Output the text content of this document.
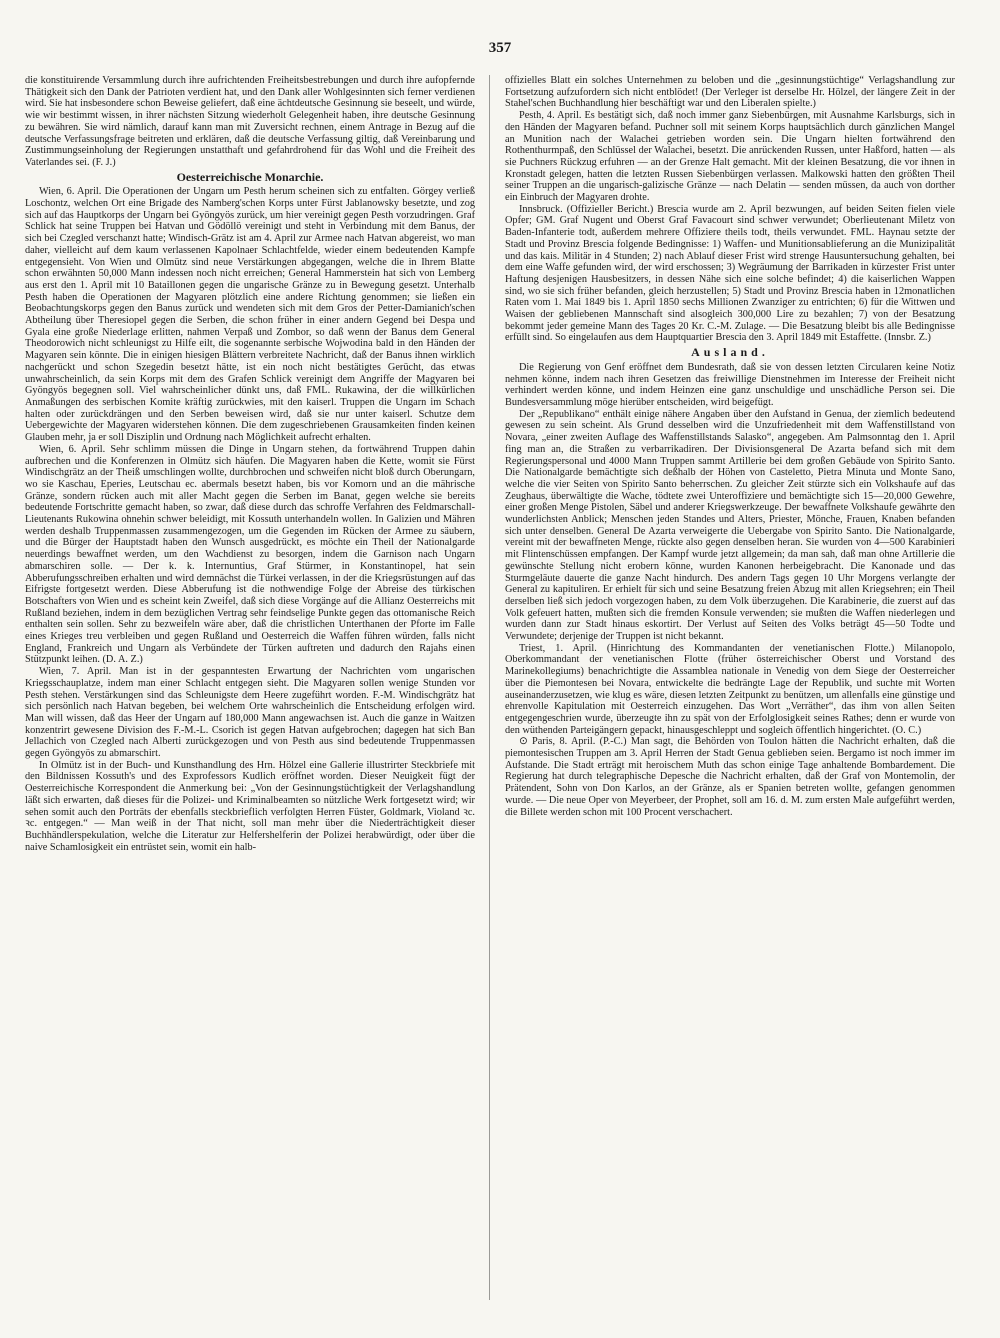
357

die konstituirende Versammlung durch ihre aufrichtenden Freiheitsbestrebungen und durch ihre aufopfernde Thätigkeit sich den Dank der Patrioten verdient hat, und den Dank aller Wohlgesinnten sich ferner verdienen wird. Sie hat insbesondere schon Beweise geliefert, daß eine ächtdeutsche Gesinnung sie beseelt, und würde, wie wir bestimmt wissen, in ihrer nächsten Sitzung wiederholt Gelegenheit haben, ihre deutsche Gesinnung zu bewähren. Sie wird nämlich, darauf kann man mit Zuversicht rechnen, einem Antrage in Bezug auf die deutsche Verfassungsfrage beitreten und erklären, daß die deutsche Verfassung giltig, daß Vereinbarung und Zustimmungseinholung der Regierungen unstatthaft und gefahrdrohend für das Wohl und die Freiheit des Vaterlandes sei. (F. J.)

Oesterreichische Monarchie.

Wien, 6. April. Die Operationen der Ungarn um Pesth herum scheinen sich zu entfalten. Görgey verließ Loschontz, welchen Ort eine Brigade des Namberg'schen Korps unter Fürst Jablanowsky besetzte, und zog sich auf das Hauptkorps der Ungarn bei Gyöngyös zurück, um hier vereinigt gegen Pesth vorzudringen. Graf Schlick hat seine Truppen bei Hatvan und Gödöllö vereinigt und steht in Verbindung mit dem Banus, der sich bei Czegled verschanzt hatte; Windisch-Grätz ist am 4. April zur Armee nach Hatvan abgereist, wo man daher, vielleicht auf dem kaum verlassenen Kapolnaer Schlachtfelde, wieder einem bedeutenden Kampfe entgegensieht. Von Wien und Olmütz sind neue Verstärkungen abgegangen, welche die in Ihrem Blatte schon erwähnten 50,000 Mann indessen noch nicht erreichen; General Hammerstein hat sich von Lemberg aus erst den 1. April mit 10 Bataillonen gegen die ungarische Gränze zu in Bewegung gesetzt. Unterhalb Pesth haben die Operationen der Magyaren plötzlich eine andere Richtung genommen; sie ließen ein Beobachtungskorps gegen den Banus zurück und wendeten sich mit dem Gros der Petter-Damianich'schen Abtheilung über Theresiopel gegen die Serben, die schon früher in einer andern Gegend bei Despa und Gyala eine große Niederlage erlitten, nahmen Verpaß und Zombor, so daß wenn der Banus dem General Theodorowich nicht schleunigst zu Hilfe eilt, die sogenannte serbische Wojwodina bald in den Händen der Magyaren sein könnte. Die in einigen hiesigen Blättern verbreitete Nachricht, daß der Banus ihnen wirklich nachgerückt und schon Szegedin besetzt hätte, ist ein noch nicht bestätigtes Gerücht, das etwas unwahrscheinlich, da sein Korps mit dem des Grafen Schlick vereinigt dem Angriffe der Magyaren bei Gyöngyös begegnen soll. Viel wahrscheinlicher dünkt uns, daß FML. Rukawina, der die willkürlichen Anmaßungen des serbischen Komite kräftig zurückwies, mit den kaiserl. Truppen die Ungarn im Schach halten oder zurückdrängen und den Serben beweisen wird, daß sie nur unter kaiserl. Schutze dem Uebergewichte der Magyaren widerstehen können. Die dem zugeschriebenen Grausamkeiten finden keinen Glauben mehr, ja er soll Disziplin und Ordnung nach Möglichkeit aufrecht erhalten.

Wien, 6. April. Sehr schlimm müssen die Dinge in Ungarn stehen, da fortwährend Truppen dahin aufbrechen und die Konferenzen in Olmütz sich häufen. Die Magyaren haben die Kette, womit sie Fürst Windischgrätz an der Theiß umschlingen wollte, durchbrochen und schweifen nicht bloß durch Oberungarn, wo sie Kaschau, Eperies, Leutschau ec. abermals besetzt haben, bis vor Komorn und an die mährische Gränze, sondern rücken auch mit aller Macht gegen die Serben im Banat, gegen welche sie bereits bedeutende Fortschritte gemacht haben, so zwar, daß diese durch das schroffe Verfahren des Feldmarschall-Lieutenants Rukowina ohnehin schwer beleidigt, mit Kossuth unterhandeln wollen. In Galizien und Mähren werden deshalb Truppenmassen zusammengezogen, um die Gegenden im Rücken der Armee zu säubern, und die Bürger der Hauptstadt haben den Wunsch ausgedrückt, es möchte ein Theil der Nationalgarde neuerdings bewaffnet werden, um den Wachdienst zu besorgen, indem die Garnison nach Ungarn abmarschiren solle. — Der k. k. Internuntius, Graf Stürmer, in Konstantinopel, hat sein Abberufungsschreiben erhalten und wird demnächst die Türkei verlassen, in der die Kriegsrüstungen auf das Eifrigste fortgesetzt werden. Diese Abberufung ist die nothwendige Folge der Abreise des türkischen Botschafters von Wien und es scheint kein Zweifel, daß sich diese Vorgänge auf die Allianz Oesterreichs mit Rußland beziehen, indem in dem bezüglichen Vertrag sehr feindselige Punkte gegen das ottomanische Reich enthalten sein sollen. Sehr zu bezweifeln wäre aber, daß die christlichen Unterthanen der Pforte im Falle eines Krieges treu verbleiben und gegen Rußland und Oesterreich die Waffen führen würden, falls nicht England, Frankreich und Ungarn als Verbündete der Türken auftreten und dadurch den Rajahs einen Stützpunkt leihen. (D. A. Z.)

Wien, 7. April. Man ist in der gespanntesten Erwartung der Nachrichten vom ungarischen Kriegsschauplatze, indem man einer Schlacht entgegen sieht. Die Magyaren sollen wenige Stunden vor Pesth stehen. Verstärkungen sind das Schleunigste dem Heere zugeführt worden. F.-M. Windischgrätz hat sich persönlich nach Hatvan begeben, bei welchem Orte wahrscheinlich die Entscheidung erfolgen wird. Man will wissen, daß das Heer der Ungarn auf 180,000 Mann angewachsen ist. Auch die ganze in Waitzen konzentrirt gewesene Division des F.-M.-L. Csorich ist gegen Hatvan aufgebrochen; dagegen hat sich Ban Jellachich von Czegled nach Alberti zurückgezogen und von Pesth aus sind bedeutende Truppenmassen gegen Gyöngyös zu abmarschirt.

In Olmütz ist in der Buch- und Kunsthandlung des Hrn. Hölzel eine Gallerie illustrirter Steckbriefe mit den Bildnissen Kossuth's und des Exprofessors Kudlich eröffnet worden. Dieser Neuigkeit fügt der Oesterreichische Korrespondent die Anmerkung bei: „Von der Gesinnungstüchtigkeit der Verlagshandlung läßt sich erwarten, daß dieses für die Polizei- und Kriminalbeamten so nützliche Werk fortgesetzt wird; wir sehen somit auch den Porträts der ebenfalls steckbrieflich verfolgten Herren Füster, Goldmark, Violand ꝛc. ꝛc. entgegen.“ — Man weiß in der That nicht, soll man mehr über die Niederträchtigkeit dieser Buchhändlerspekulation, welche die Literatur zur Helfershelferin der Polizei herabwürdigt, oder über die naive Schamlosigkeit ein entrüstet sein, womit ein halb-

offizielles Blatt ein solches Unternehmen zu beloben und die „gesinnungstüchtige“ Verlagshandlung zur Fortsetzung aufzufordern sich nicht entblödet! (Der Verleger ist derselbe Hr. Hölzel, der längere Zeit in der Stahel'schen Buchhandlung hier beschäftigt war und den Liberalen spielte.)

Pesth, 4. April. Es bestätigt sich, daß noch immer ganz Siebenbürgen, mit Ausnahme Karlsburgs, sich in den Händen der Magyaren befand. Puchner soll mit seinem Korps hauptsächlich durch gänzlichen Mangel an Munition nach der Walachei getrieben worden sein. Die Ungarn hielten fortwährend den Rothenthurmpaß, den Schlüssel der Walachei, besetzt. Die anrückenden Russen, unter Haßford, hatten — als sie Puchners Rückzug erfuhren — an der Grenze Halt gemacht. Mit der kleinen Besatzung, die vor ihnen in Kronstadt gelegen, hatten die letzten Russen Siebenbürgen verlassen. Malkowski hatten den größten Theil seiner Truppen an die ungarisch-galizische Gränze — nach Delatin — senden müssen, da auch von dorther ein Einbruch der Magyaren drohte.

Innsbruck. (Offizieller Bericht.) Brescia wurde am 2. April bezwungen, auf beiden Seiten fielen viele Opfer; GM. Graf Nugent und Oberst Graf Favacourt sind schwer verwundet; Oberlieutenant Miletz von Baden-Infanterie todt, außerdem mehrere Offiziere theils todt, theils verwundet. FML. Haynau setzte der Stadt und Provinz Brescia folgende Bedingnisse: 1) Waffen- und Munitionsablieferung an die Munizipalität und das kais. Militär in 4 Stunden; 2) nach Ablauf dieser Frist wird strenge Hausuntersuchung gehalten, bei dem eine Waffe gefunden wird, der wird erschossen; 3) Wegräumung der Barrikaden in kürzester Frist unter Haftung desjenigen Hausbesitzers, in dessen Nähe sich eine solche befindet; 4) die kaiserlichen Wappen sind, wo sie sich früher befanden, gleich herzustellen; 5) Stadt und Provinz Brescia haben in 12monatlichen Raten vom 1. Mai 1849 bis 1. April 1850 sechs Millionen Zwanziger zu entrichten; 6) für die Wittwen und Waisen der gebliebenen Mannschaft sind alsogleich 300,000 Lire zu bezahlen; 7) von der Besatzung bekommt jeder gemeine Mann des Tages 20 Kr. C.-M. Zulage. — Die Besatzung bleibt bis alle Bedingnisse erfüllt sind. So eingelaufen aus dem Hauptquartier Brescia den 3. April 1849 mit Estaffette. (Innsbr. Z.)

Ausland.

Die Regierung von Genf eröffnet dem Bundesrath, daß sie von dessen letzten Circularen keine Notiz nehmen könne, indem nach ihren Gesetzen das freiwillige Dienstnehmen im Interesse der Freiheit nicht verhindert werden könne, und indem Heinzen eine ganz unschuldige und unschädliche Person sei. Die Bundesversammlung möge hierüber entscheiden, wird beigefügt.

Der „Republikano“ enthält einige nähere Angaben über den Aufstand in Genua, der ziemlich bedeutend gewesen zu sein scheint. Als Grund desselben wird die Unzufriedenheit mit dem Waffenstillstand von Novara, „einer zweiten Auflage des Waffenstillstands Salasko“, angegeben. Am Palmsonntag den 1. April fing man an, die Straßen zu verbarrikadiren. Der Divisionsgeneral De Azarta befand sich mit dem Regierungspersonal und 4000 Mann Truppen sammt Artillerie bei dem großen Gebäude von Spirito Santo. Die Nationalgarde bemächtigte sich deßhalb der Höhen von Casteletto, Pietra Minuta und Monte Sano, welche die vier Seiten von Spirito Santo beherrschen. Zu gleicher Zeit stürzte sich ein Volkshaufe auf das Zeughaus, überwältigte die Wache, tödtete zwei Unteroffiziere und bemächtigte sich 15—20,000 Gewehre, einer großen Menge Pistolen, Säbel und anderer Kriegswerkzeuge. Der bewaffnete Volkshaufe gewährte den wunderlichsten Anblick; Menschen jeden Standes und Alters, Priester, Mönche, Frauen, Knaben befanden sich unter denselben. General De Azarta verweigerte die Uebergabe von Spirito Santo. Die Nationalgarde, vereint mit der bewaffneten Menge, rückte also gegen denselben heran. Sie wurden von 4—500 Karabinieri mit Flintenschüssen empfangen. Der Kampf wurde jetzt allgemein; da man sah, daß man ohne Artillerie die gewünschte Stellung nicht erobern könne, wurden Kanonen herbeigebracht. Die Kanonade und das Sturmgeläute dauerte die ganze Nacht hindurch. Des andern Tags gegen 10 Uhr Morgens verlangte der General zu kapituliren. Er erhielt für sich und seine Besatzung freien Abzug mit allen Kriegsehren; ein Theil derselben ließ sich jedoch vorgezogen haben, zu dem Volk überzugehen. Die Karabinerie, die zuerst auf das Volk gefeuert hatten, mußten sich die fremden Konsule verwenden; sie mußten die Waffen niederlegen und wurden dann zur Stadt hinaus eskortirt. Der Verlust auf Seiten des Volks beträgt 45—50 Todte und Verwundete; derjenige der Truppen ist nicht bekannt.

Triest, 1. April. (Hinrichtung des Kommandanten der venetianischen Flotte.) Milanopolo, Oberkommandant der venetianischen Flotte (früher österreichischer Oberst und Vorstand des Marinekollegiums) benachrichtigte die Assamblea nationale in Venedig von dem Siege der Oesterreicher über die Piemontesen bei Novara, entwickelte die bedrängte Lage der Republik, und suchte mit Worten auseinanderzusetzen, wie klug es wäre, diesen letzten Zeitpunkt zu benützen, um allenfalls eine günstige und ehrenvolle Kapitulation mit Oesterreich einzugehen. Das Wort „Verräther“, das ihm von allen Seiten entgegengeschrien wurde, überzeugte ihn zu spät von der Erfolglosigkeit seines Rathes; denn er wurde von den wüthenden Parteigängern gepackt, hinausgeschleppt und sogleich öffentlich hingerichtet. (O. C.)

⊙ Paris, 8. April. (P.-C.) Man sagt, die Behörden von Toulon hätten die Nachricht erhalten, daß die piemontesischen Truppen am 3. April Herren der Stadt Genua geblieben seien. Bergamo ist noch immer im Aufstande. Die Stadt erträgt mit heroischem Muth das schon einige Tage anhaltende Bombardement. Die Regierung hat durch telegraphische Depesche die Nachricht erhalten, daß der Graf von Montemolin, der Prätendent, Sohn von Don Karlos, an der Gränze, als er Spanien betreten wollte, gefangen genommen wurde. — Die neue Oper von Meyerbeer, der Prophet, soll am 16. d. M. zum ersten Male aufgeführt werden, die Billete werden schon mit 100 Procent verschachert.
